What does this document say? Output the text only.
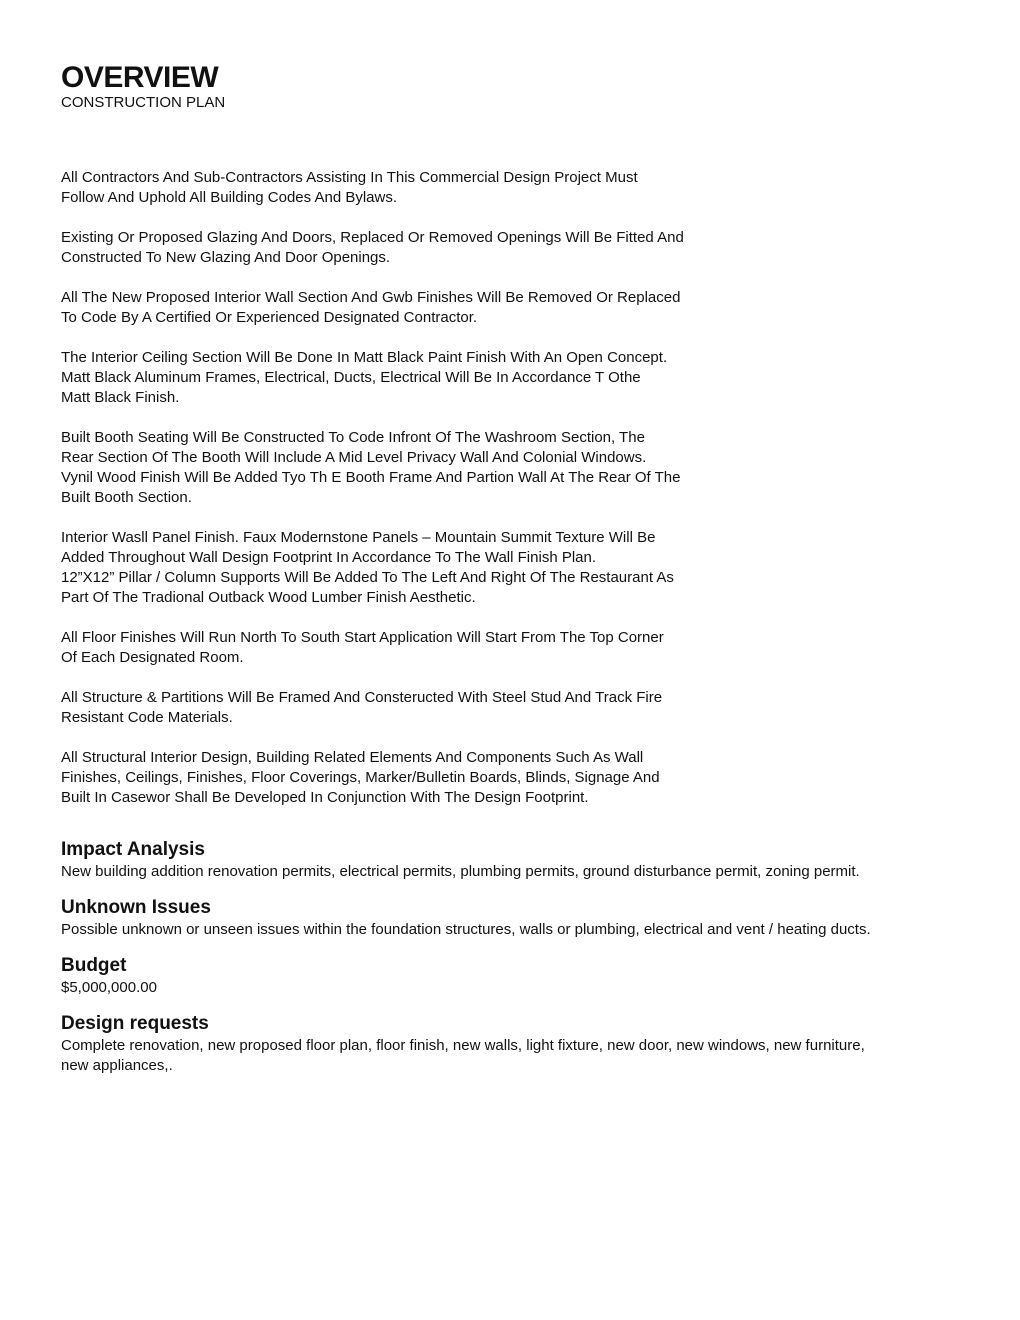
OVERVIEW
CONSTRUCTION PLAN

All Contractors And Sub-Contractors Assisting In This Commercial Design Project Must
Follow And Uphold All Building Codes And Bylaws.

Existing Or Proposed Glazing And Doors, Replaced Or Removed Openings Will Be Fitted And
Constructed To New Glazing And Door Openings.

All The New Proposed Interior Wall Section And Gwb Finishes Will Be Removed Or Replaced
To Code By A Certified Or Experienced Designated Contractor.

The Interior Ceiling Section Will Be Done In Matt Black Paint Finish With An Open Concept.
Matt Black Aluminum Frames, Electrical, Ducts, Electrical Will Be In Accordance T Othe
Matt Black Finish.

Built Booth Seating Will Be Constructed To Code Infront Of The Washroom Section, The
Rear Section Of The Booth Will Include A Mid Level Privacy Wall And Colonial Windows.
Vynil Wood Finish Will Be Added Tyo Th E Booth Frame And Partion Wall At The Rear Of The
Built Booth Section.

Interior Wasll Panel Finish. Faux Modernstone Panels – Mountain Summit Texture Will Be
Added Throughout Wall Design Footprint In Accordance To The Wall Finish Plan.
12”X12” Pillar / Column Supports Will Be Added To The Left And Right Of The Restaurant As
Part Of The Tradional Outback Wood Lumber Finish Aesthetic.

All Floor Finishes Will Run North To South Start Application Will Start From The Top Corner
Of Each Designated Room.

All Structure & Partitions Will Be Framed And Consteructed With Steel Stud And Track Fire
Resistant Code Materials.

All Structural Interior Design, Building Related Elements And Components Such As Wall
Finishes, Ceilings, Finishes, Floor Coverings, Marker/Bulletin Boards, Blinds, Signage And
Built In Casewor Shall Be Developed In Conjunction With The Design Footprint.

Impact Analysis

New building addition renovation permits, electrical permits, plumbing permits, ground disturbance permit, zoning permit.

Unknown Issues

Possible unknown or unseen issues within the foundation structures, walls or plumbing, electrical and vent / heating ducts.

Budget

$5,000,000.00

Design requests

Complete renovation, new proposed floor plan, floor finish, new walls, light fixture, new door, new windows, new furniture,
new appliances,.
